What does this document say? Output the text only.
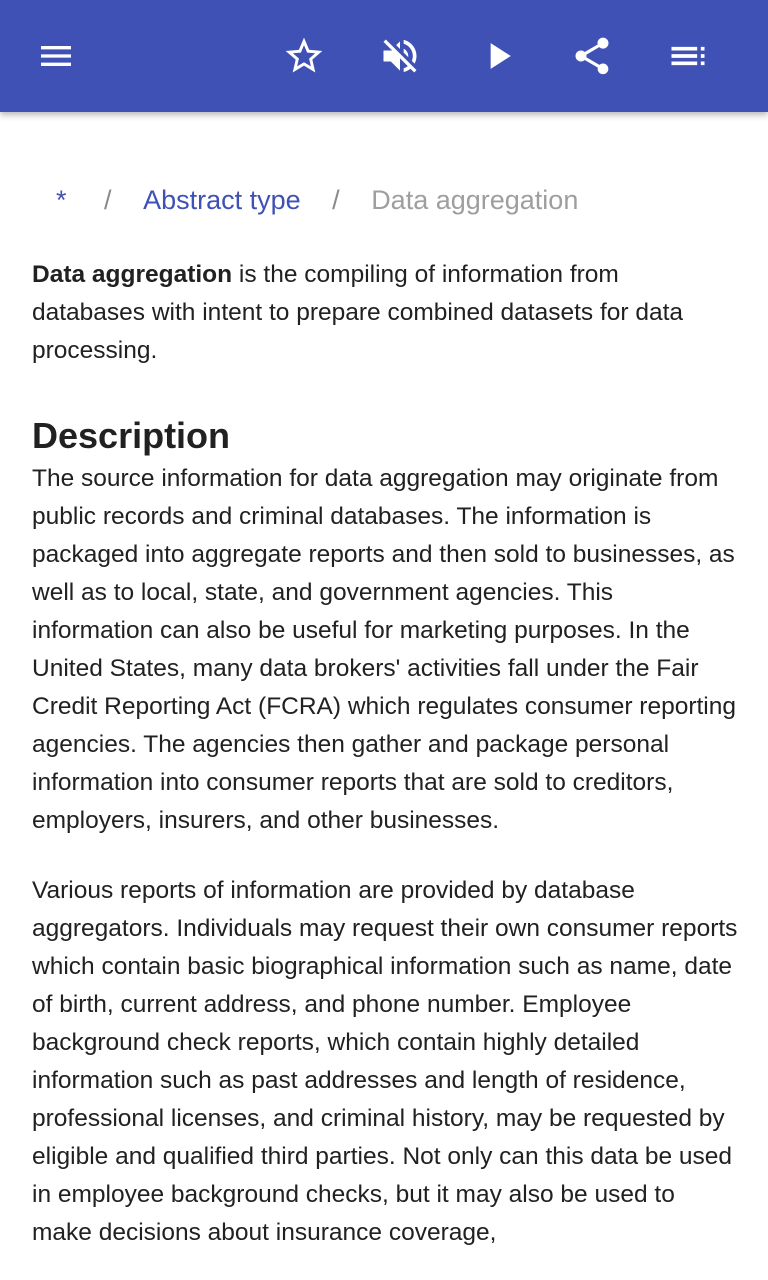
* / Abstract type / Data aggregation

Data aggregation is the compiling of information from databases with intent to prepare combined datasets for data processing.

Description

The source information for data aggregation may originate from public records and criminal databases. The information is packaged into aggregate reports and then sold to businesses, as well as to local, state, and government agencies. This information can also be useful for marketing purposes. In the United States, many data brokers' activities fall under the Fair Credit Reporting Act (FCRA) which regulates consumer reporting agencies. The agencies then gather and package personal information into consumer reports that are sold to creditors, employers, insurers, and other businesses.

Various reports of information are provided by database aggregators. Individuals may request their own consumer reports which contain basic biographical information such as name, date of birth, current address, and phone number. Employee background check reports, which contain highly detailed information such as past addresses and length of residence, professional licenses, and criminal history, may be requested by eligible and qualified third parties. Not only can this data be used in employee background checks, but it may also be used to make decisions about insurance coverage,
